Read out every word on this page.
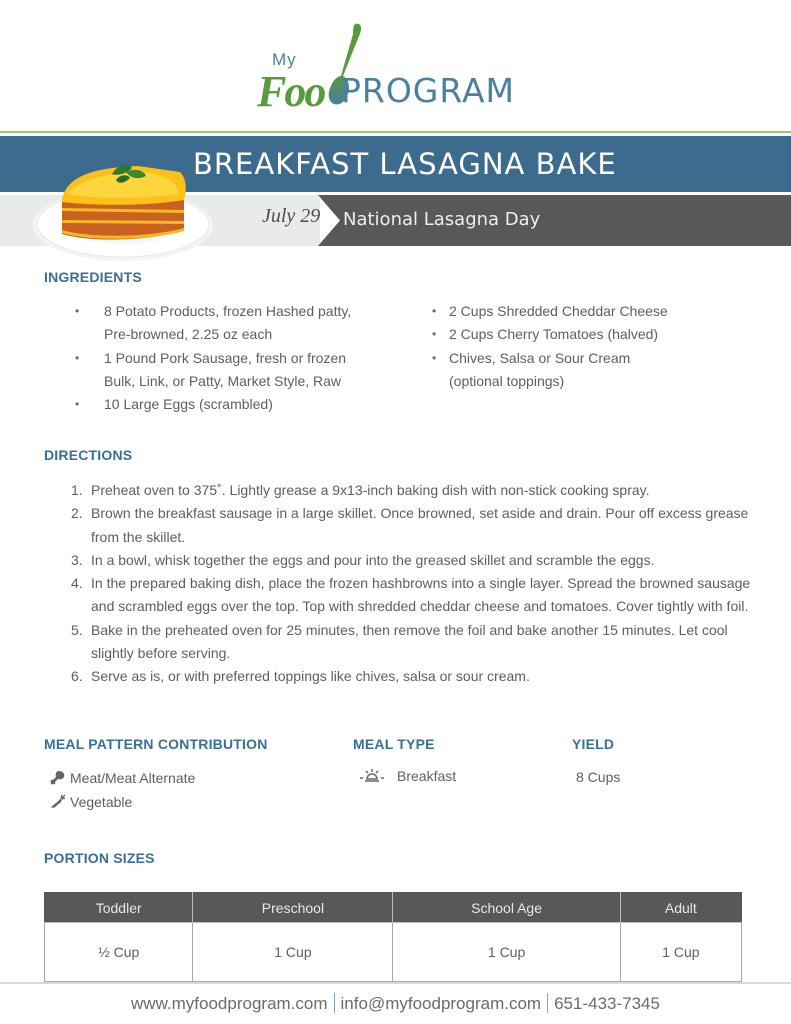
My
Foo PROGRAM
BREAKFAST LASAGNA BAKE
July 29 National Lasagna Day
INGREDIENTS
• 8 Potato Products, frozen Hashed patty,
Pre-browned, 2.25 oz each
• 1 Pound Pork Sausage, fresh or frozen
Bulk, Link, or Patty, Market Style, Raw
• 10 Large Eggs (scrambled)
• 2 Cups Shredded Cheddar Cheese
• 2 Cups Cherry Tomatoes (halved)
• Chives, Salsa or Sour Cream
(optional toppings)
DIRECTIONS
1. Preheat oven to 375˚. Lightly grease a 9x13-inch baking dish with non-stick cooking spray.
2. Brown the breakfast sausage in a large skillet. Once browned, set aside and drain. Pour off excess grease from the skillet.
3. In a bowl, whisk together the eggs and pour into the greased skillet and scramble the eggs.
4. In the prepared baking dish, place the frozen hashbrowns into a single layer. Spread the browned sausage and scrambled eggs over the top. Top with shredded cheddar cheese and tomatoes. Cover tightly with foil.
5. Bake in the preheated oven for 25 minutes, then remove the foil and bake another 15 minutes. Let cool slightly before serving.
6. Serve as is, or with preferred toppings like chives, salsa or sour cream.
MEAL PATTERN CONTRIBUTION
Meat/Meat Alternate
Vegetable
MEAL TYPE
Breakfast
YIELD
8 Cups
PORTION SIZES
Toddler	Preschool	School Age	Adult
½ Cup	1 Cup	1 Cup	1 Cup
www.myfoodprogram.com info@myfoodprogram.com 651-433-7345
